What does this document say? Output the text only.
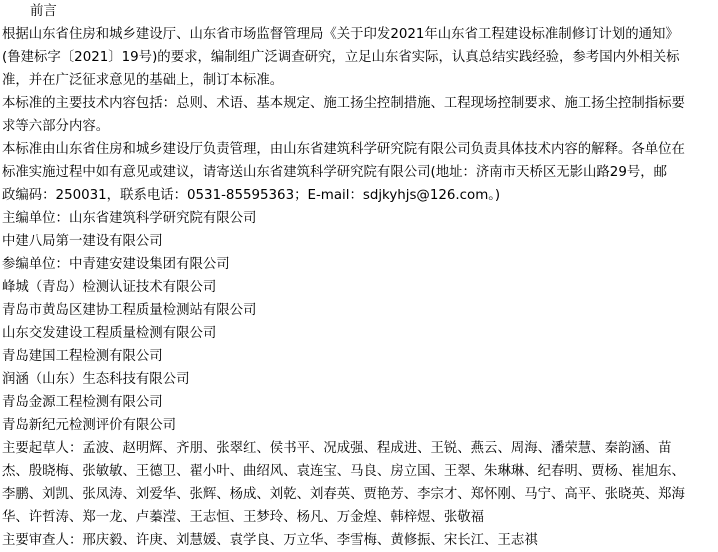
前言
根据山东省住房和城乡建设厅、山东省市场监督管理局《关于印发2021年山东省工程建设标准制修订计划的通知》
(鲁建标字〔2021〕19号)的要求，编制组广泛调查研究，立足山东省实际，认真总结实践经验，参考国内外相关标
准，并在广泛征求意见的基础上，制订本标准。
本标准的主要技术内容包括：总则、术语、基本规定、施工扬尘控制措施、工程现场控制要求、施工扬尘控制指标要
求等六部分内容。
本标准由山东省住房和城乡建设厅负责管理，由山东省建筑科学研究院有限公司负责具体技术内容的解释。各单位在
标准实施过程中如有意见或建议，请寄送山东省建筑科学研究院有限公司(地址：济南市天桥区无影山路29号，邮
政编码：250031，联系电话：0531-85595363；E-mail：sdjkyhjs@126.com。)
主编单位：山东省建筑科学研究院有限公司
中建八局第一建设有限公司
参编单位：中青建安建设集团有限公司
峰城（青岛）检测认证技术有限公司
青岛市黄岛区建协工程质量检测站有限公司
山东交发建设工程质量检测有限公司
青岛建国工程检测有限公司
润涵（山东）生态科技有限公司
青岛金源工程检测有限公司
青岛新纪元检测评价有限公司
主要起草人：孟波、赵明辉、齐朋、张翠红、侯书平、况成强、程成进、王锐、燕云、周海、潘荣慧、秦韵涵、苗
杰、殷晓梅、张敏敏、王德卫、翟小叶、曲绍风、袁连宝、马良、房立国、王翠、朱琳琳、纪春明、贾杨、崔旭东、
李鹏、刘凯、张凤涛、刘爱华、张辉、杨成、刘乾、刘春英、贾艳芳、李宗才、郑怀刚、马宁、高平、张晓英、郑海
华、许哲涛、郑一龙、卢蓁滢、王志恒、王梦玲、杨凡、万金煌、韩梓煜、张敬福
主要审查人：邢庆毅、许庚、刘慧媛、袁学良、万立华、李雪梅、黄修振、宋长江、王志祺
